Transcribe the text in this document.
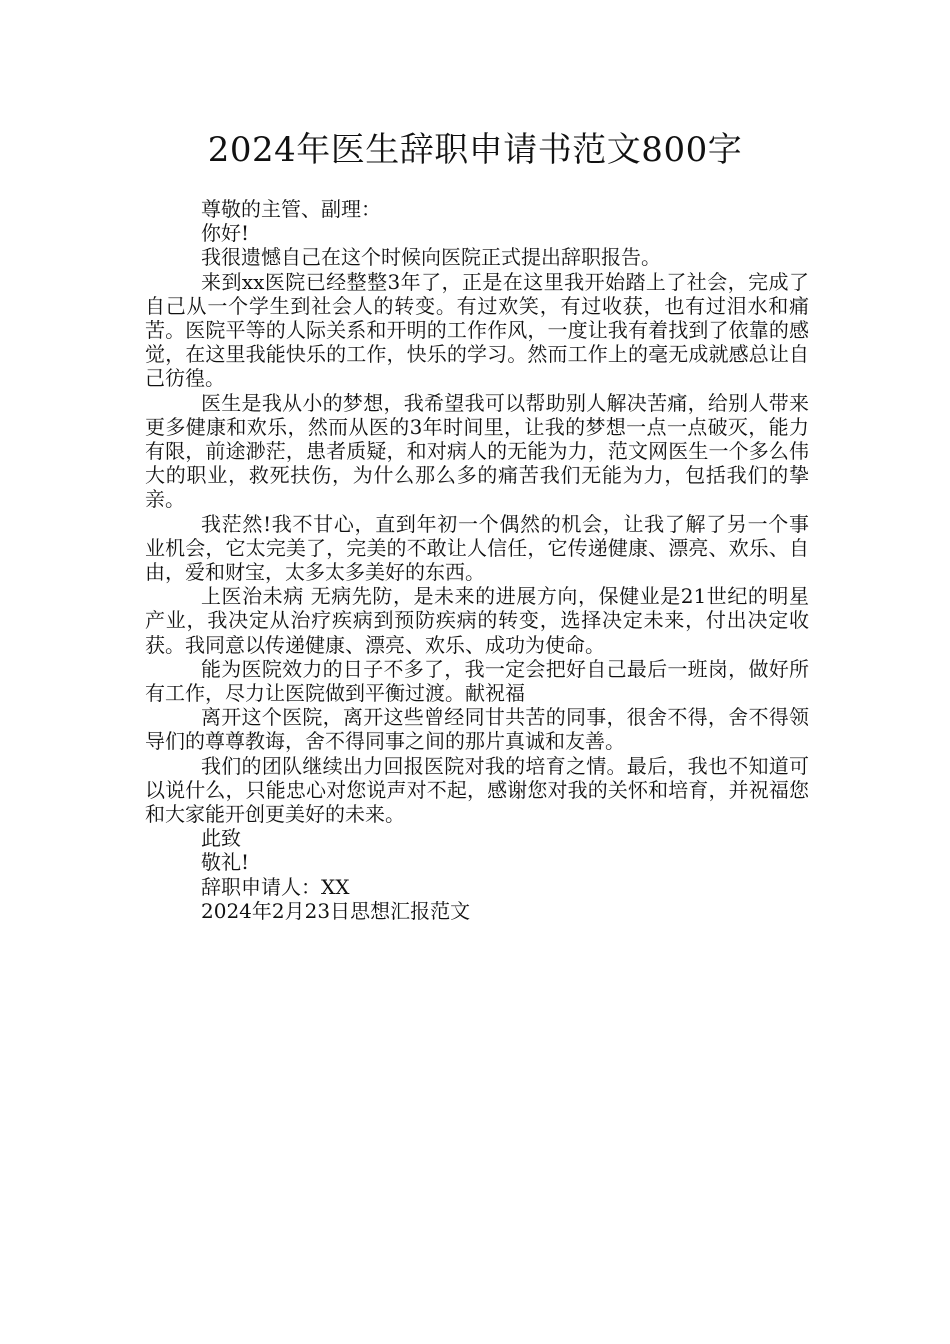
2024年医生辞职申请书范文800字

尊敬的主管、副理：

你好!

我很遗憾自己在这个时候向医院正式提出辞职报告。

来到xx医院已经整整3年了，正是在这里我开始踏上了社会，完成了自己从一个学生到社会人的转变。有过欢笑，有过收获，也有过泪水和痛苦。医院平等的人际关系和开明的工作作风，一度让我有着找到了依靠的感觉，在这里我能快乐的工作，快乐的学习。然而工作上的毫无成就感总让自己彷徨。

医生是我从小的梦想，我希望我可以帮助别人解决苦痛，给别人带来更多健康和欢乐，然而从医的3年时间里，让我的梦想一点一点破灭，能力有限，前途渺茫，患者质疑，和对病人的无能为力，范文网医生一个多么伟大的职业，救死扶伤，为什么那么多的痛苦我们无能为力，包括我们的挚亲。

我茫然!我不甘心，直到年初一个偶然的机会，让我了解了另一个事业机会，它太完美了，完美的不敢让人信任，它传递健康、漂亮、欢乐、自由，爱和财宝，太多太多美好的东西。

上医治未病 无病先防，是未来的进展方向，保健业是21世纪的明星产业，我决定从治疗疾病到预防疾病的转变，选择决定未来，付出决定收获。我同意以传递健康、漂亮、欢乐、成功为使命。

能为医院效力的日子不多了，我一定会把好自己最后一班岗，做好所有工作，尽力让医院做到平衡过渡。献祝福

离开这个医院，离开这些曾经同甘共苦的同事，很舍不得，舍不得领导们的尊尊教诲，舍不得同事之间的那片真诚和友善。

我们的团队继续出力回报医院对我的培育之情。最后，我也不知道可以说什么，只能忠心对您说声对不起，感谢您对我的关怀和培育，并祝福您和大家能开创更美好的未来。

此致

敬礼!

辞职申请人：XX

2024年2月23日思想汇报范文
